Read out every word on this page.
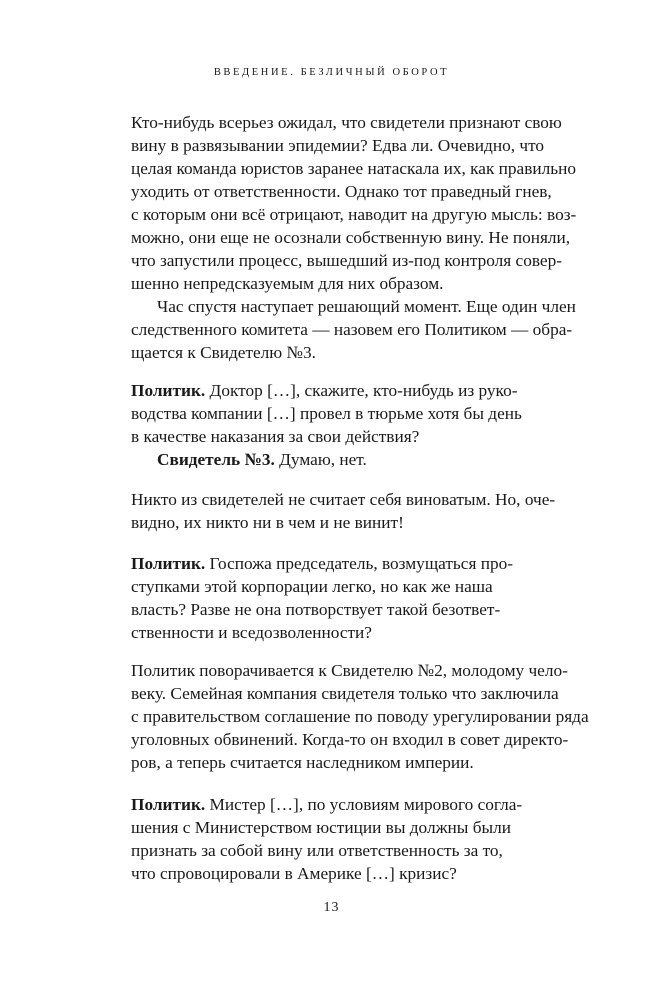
ВВЕДЕНИЕ. БЕЗЛИЧНЫЙ ОБОРОТ
Кто-нибудь всерьез ожидал, что свидетели признают свою
вину в развязывании эпидемии? Едва ли. Очевидно, что
целая команда юристов заранее натаскала их, как правильно
уходить от ответственности. Однако тот праведный гнев,
с которым они всё отрицают, наводит на другую мысль: воз-
можно, они еще не осознали собственную вину. Не поняли,
что запустили процесс, вышедший из-под контроля совер-
шенно непредсказуемым для них образом.
Час спустя наступает решающий момент. Еще один член
следственного комитета — назовем его Политиком — обра-
щается к Свидетелю №3.
Политик. Доктор […], скажите, кто-нибудь из руко-
водства компании […] провел в тюрьме хотя бы день
в качестве наказания за свои действия?
Свидетель №3. Думаю, нет.
Никто из свидетелей не считает себя виноватым. Но, оче-
видно, их никто ни в чем и не винит!
Политик. Госпожа председатель, возмущаться про-
ступками этой корпорации легко, но как же наша
власть? Разве не она потворствует такой безответ-
ственности и вседозволенности?
Политик поворачивается к Свидетелю №2, молодому чело-
веку. Семейная компания свидетеля только что заключила
с правительством соглашение по поводу урегулировании ряда
уголовных обвинений. Когда-то он входил в совет директо-
ров, а теперь считается наследником империи.
Политик. Мистер […], по условиям мирового согла-
шения с Министерством юстиции вы должны были
признать за собой вину или ответственность за то,
что спровоцировали в Америке […] кризис?
13
